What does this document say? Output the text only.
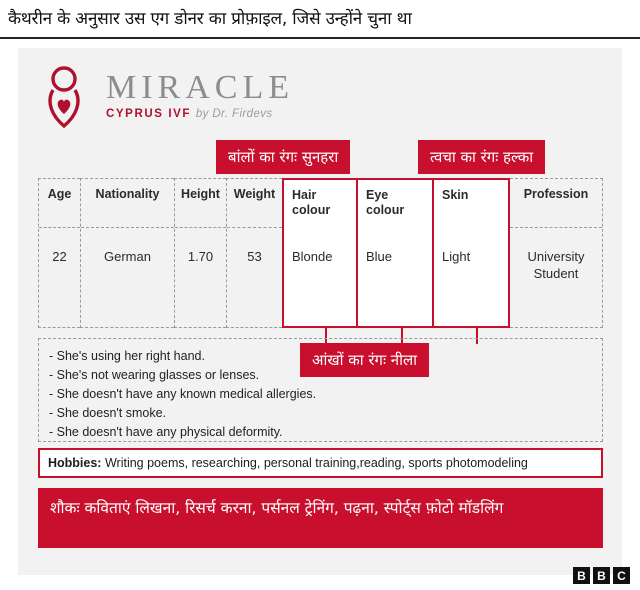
कैथरीन के अनुसार उस एग डोनर का प्रोफ़ाइल, जिसे उन्होंने चुना था
MIRACLE
CYPRUS IVF by Dr. Firdevs
बांलों का रंगः सुनहरा	त्वचा का रंगः हल्का
आंखों का रंगः नीला
Age
22
Nationality
German
Height
1.70
Weight
53
Hair colour
Blonde
Eye colour
Blue
Skin
Light
Profession
University Student
- She's using her right hand.
- She's not wearing glasses or lenses.
- She doesn't have any known medical allergies.
- She doesn't smoke.
- She doesn't have any physical deformity.
Hobbies:
Writing poems, researching, personal training,reading, sports photomodeling
शौकः कविताएं लिखना, रिसर्च करना, पर्सनल ट्रेनिंग, पढ़ना, स्पोर्ट्स फ़ोटो मॉडलिंग
B B C
